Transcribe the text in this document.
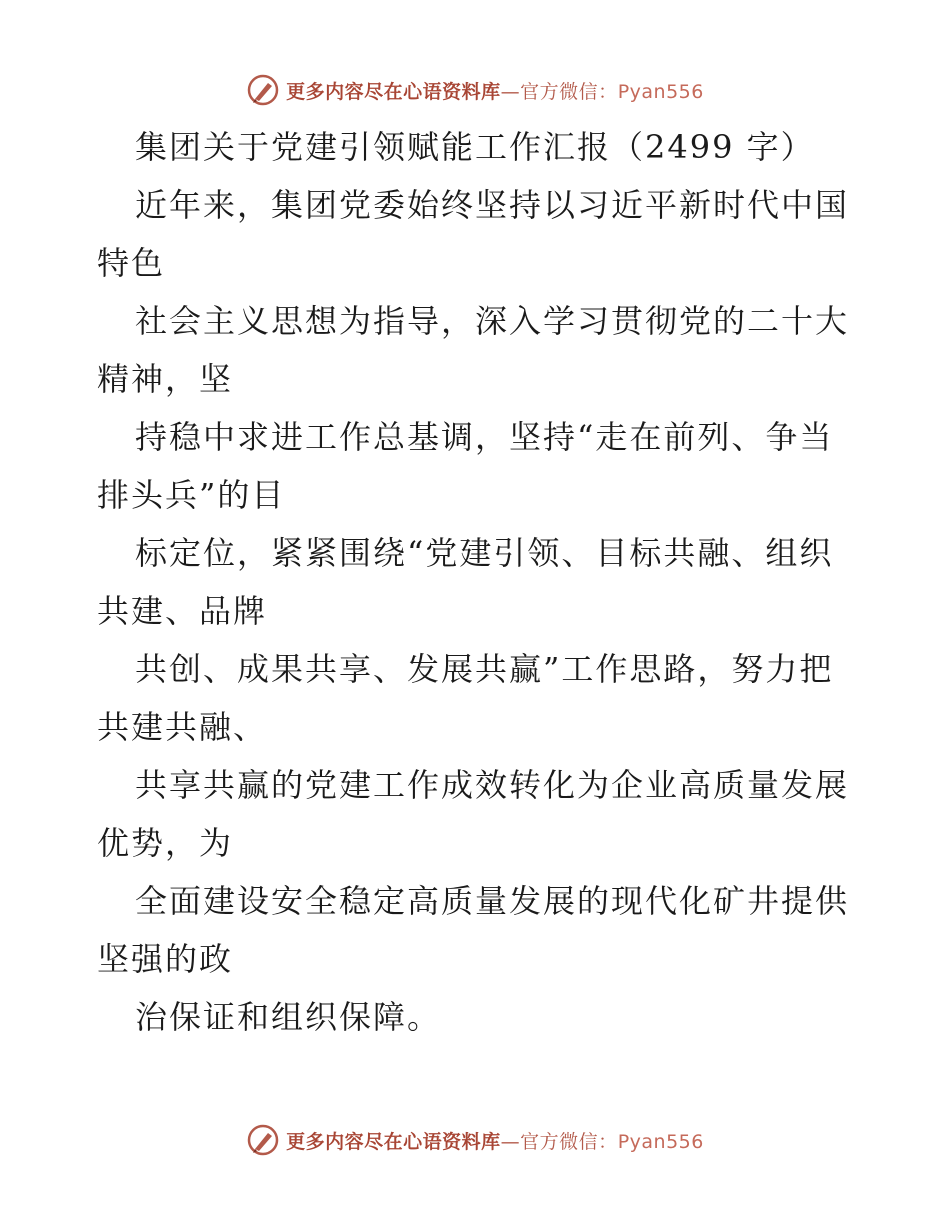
更多内容尽在心语资料库—官方微信：Pyan556
集团关于党建引领赋能工作汇报（2499 字）
近年来，集团党委始终坚持以习近平新时代中国
特色
社会主义思想为指导，深入学习贯彻党的二十大
精神，坚
持稳中求进工作总基调，坚持“走在前列、争当
排头兵”的目
标定位，紧紧围绕“党建引领、目标共融、组织
共建、品牌
共创、成果共享、发展共赢”工作思路，努力把
共建共融、
共享共赢的党建工作成效转化为企业高质量发展
优势，为
全面建设安全稳定高质量发展的现代化矿井提供
坚强的政
治保证和组织保障。
更多内容尽在心语资料库—官方微信：Pyan556
